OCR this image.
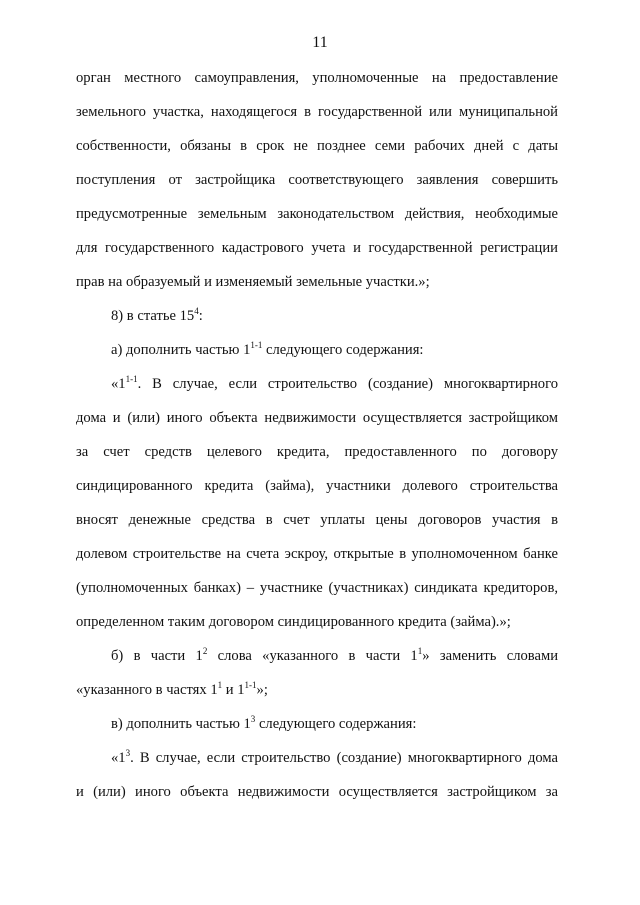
11
орган местного самоуправления, уполномоченные на предоставление
земельного участка, находящегося в государственной или муниципальной
собственности, обязаны в срок не позднее семи рабочих дней с даты
поступления от застройщика соответствующего заявления совершить
предусмотренные земельным законодательством действия, необходимые
для государственного кадастрового учета и государственной регистрации
прав на образуемый и изменяемый земельные участки.»;
8) в статье $15^4$:
а) дополнить частью 1$^{1-1}$ следующего содержания:
«1$^{1-1}$. В случае, если строительство (создание) многоквартирного
дома и (или) иного объекта недвижимости осуществляется застройщиком
за счет средств целевого кредита, предоставленного по договору
синдицированного кредита (займа), участники долевого строительства
вносят денежные средства в счет уплаты цены договоров участия в
долевом строительстве на счета эскроу, открытые в уполномоченном банке
(уполномоченных банках) – участнике (участниках) синдиката кредиторов,
определенном таким договором синдицированного кредита (займа).»;
б) в части $1^2$ слова «указанного в части $1^1$» заменить словами
«указанного в частях $1^1$ и 1$^{1-1}$»;
в) дополнить частью $1^3$ следующего содержания:
«$1^3$. В случае, если строительство (создание) многоквартирного дома
и (или) иного объекта недвижимости осуществляется застройщиком за
